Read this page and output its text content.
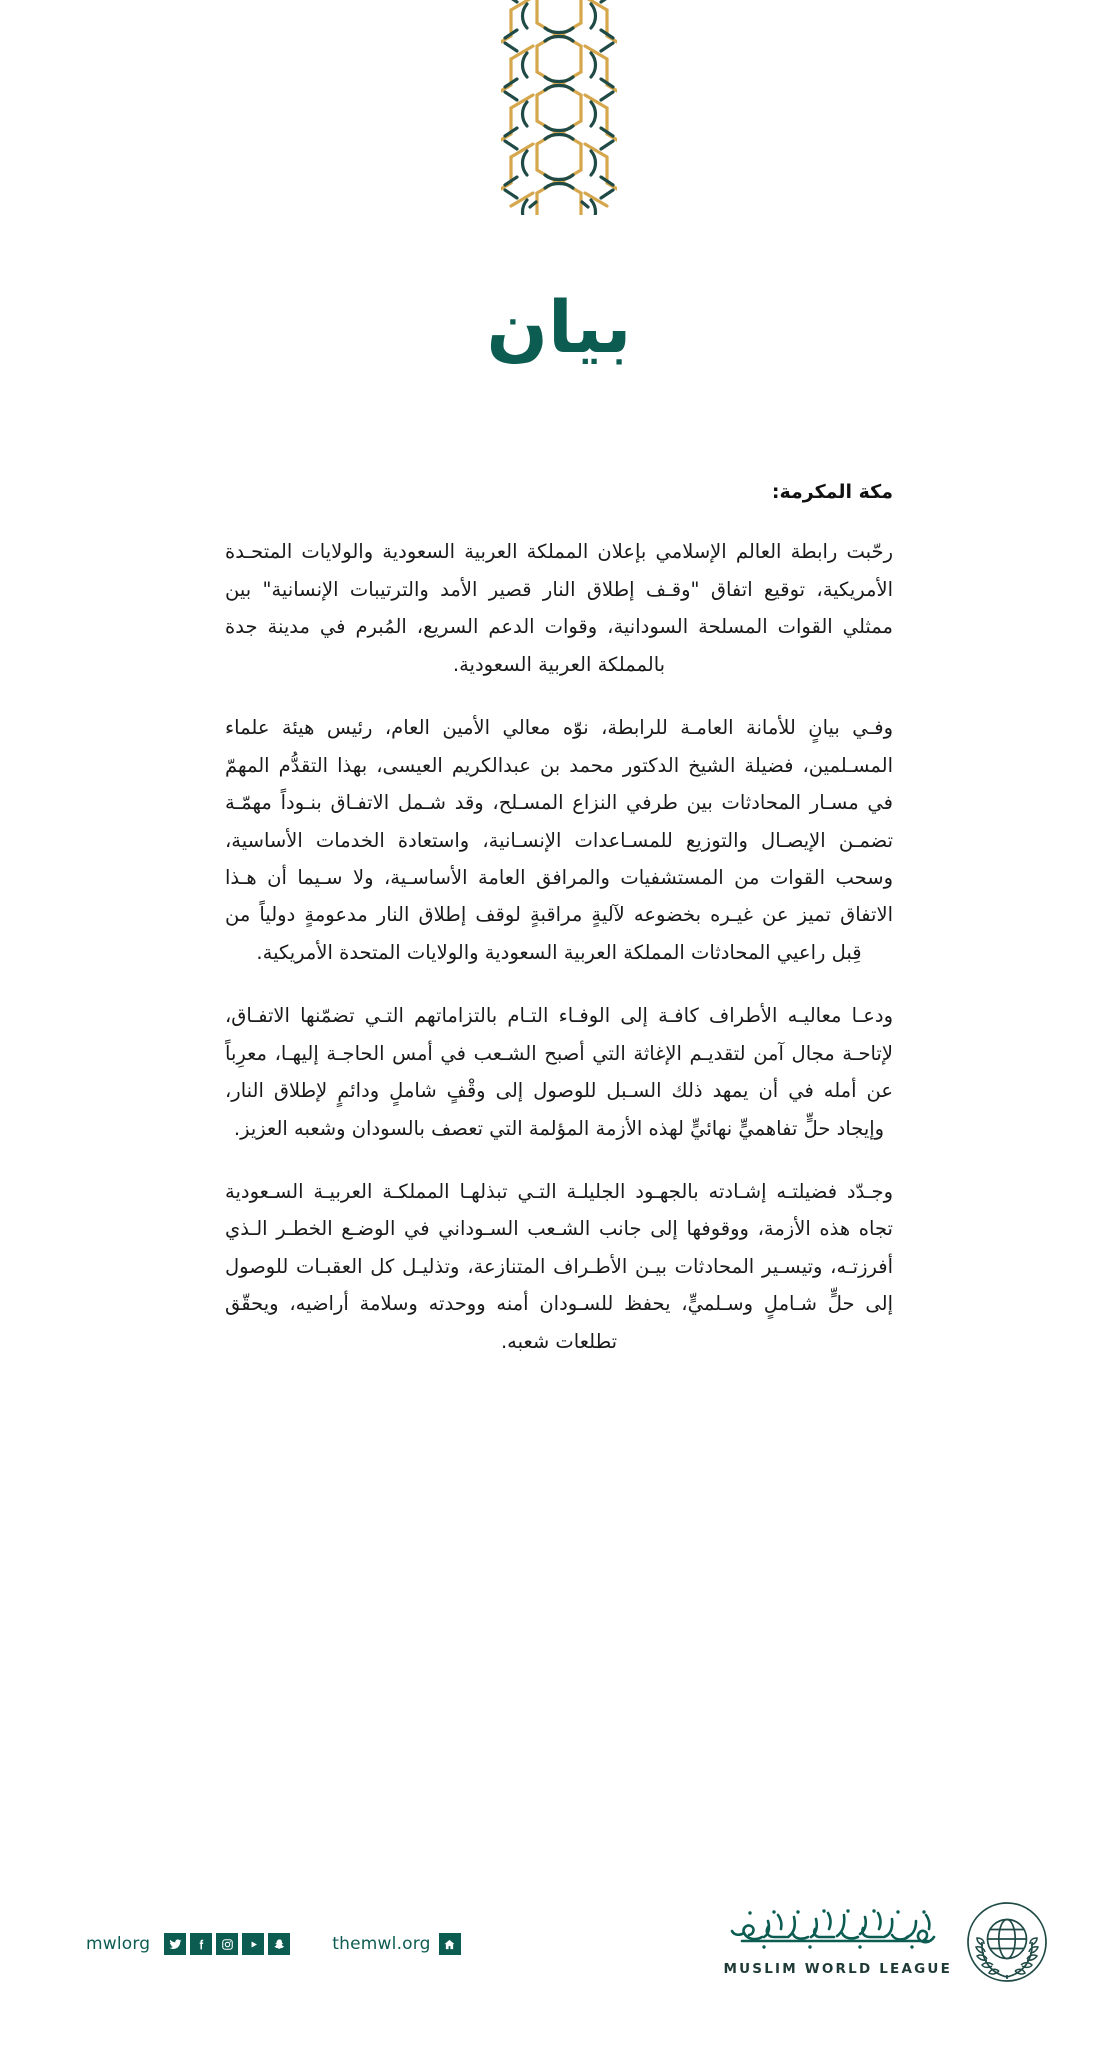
بيان
مكة المكرمة:

رحّبت رابطة العالم الإسلامي بإعلان المملكة العربية السعودية والولايات المتحـدة الأمريكية، توقيع اتفاق "وقـف إطلاق النار قصير الأمد والترتيبات الإنسانية" بين ممثلي القوات المسلحة السودانية، وقوات الدعم السريع، المُبرم في مدينة جدة بالمملكة العربية السعودية.

وفـي بيانٍ للأمانة العامـة للرابطة، نوّه معالي الأمين العام، رئيس هيئة علماء المسـلمين، فضيلة الشيخ الدكتور محمد بن عبدالكريم العيسى، بهذا التقدُّم المهمّ في مسـار المحادثات بين طرفي النزاع المسـلح، وقد شـمل الاتفـاق بنـوداً مهمّـة تضمـن الإيصـال والتوزيع للمسـاعدات الإنسـانية، واستعادة الخدمات الأساسية، وسحب القوات من المستشفيات والمرافق العامة الأساسـية، ولا سـيما أن هـذا الاتفاق تميز عن غيـره بخضوعه لآليةٍ مراقبةٍ لوقف إطلاق النار مدعومةٍ دولياً من قِبل راعيي المحادثات المملكة العربية السعودية والولايات المتحدة الأمريكية.

ودعـا معاليـه الأطراف كافـة إلى الوفـاء التـام بالتزاماتهم التـي تضمّنها الاتفـاق، لإتاحـة مجال آمن لتقديـم الإغاثة التي أصبح الشـعب في أمس الحاجـة إليهـا، معرِباً عن أمله في أن يمهد ذلك السـبل للوصول إلى وقْفٍ شاملٍ ودائمٍ لإطلاق النار، وإيجاد حلٍّ تفاهميٍّ نهائيٍّ لهذه الأزمة المؤلمة التي تعصف بالسودان وشعبه العزيز.

وجـدّد فضيلتـه إشـادته بالجهـود الجليلـة التـي تبذلهـا المملكـة العربيـة السـعودية تجاه هذه الأزمة، ووقوفها إلى جانب الشـعب السـوداني في الوضـع الخطـر الـذي أفرزتـه، وتيسـير المحادثات بيـن الأطـراف المتنازعة، وتذليـل كل العقبـات للوصول إلى حلٍّ شـاملٍ وسـلميٍّ، يحفظ للسـودان أمنه ووحدته وسلامة أراضيه، ويحقّق تطلعات شعبه.

mwlorg	themwl.org
MUSLIM WORLD LEAGUE
